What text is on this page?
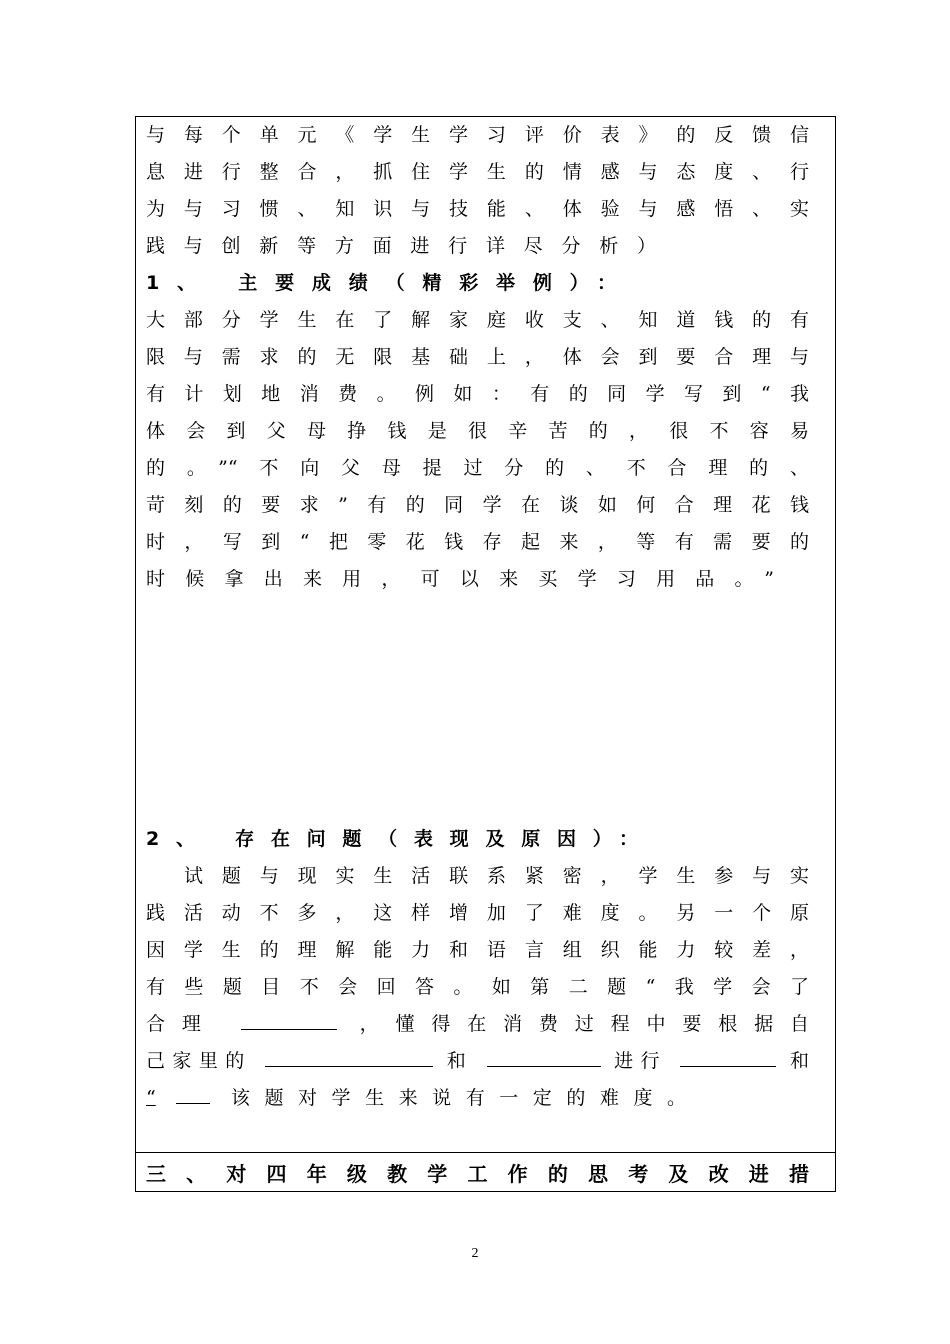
与每个单元《学生学习评价表》的反馈信
息进行整合，抓住学生的情感与态度、行
为与习惯、知识与技能、体验与感悟、实
践与创新等方面进行详尽分析）
1、 主要成绩（精彩举例）：
大部分学生在了解家庭收支、知道钱的有
限与需求的无限基础上，体会到要合理与
有计划地消费。例如：有的同学写到“我
体会到父母挣钱是很辛苦的，很不容易
的。”“不向父母提过分的、不合理的、
苛刻的要求”有的同学在谈如何合理花钱
时，写到“把零花钱存起来，等有需要的
时候拿出来用，可以来买学习用品。”
2、 存在问题（表现及原因）：
试题与现实生活联系紧密，学生参与实
践活动不多，这样增加了难度。另一个原
因学生的理解能力和语言组织能力较差，
有些题目不会回答。如第二题“我学会了
合理	，懂得在消费过程中要根据自
己家里的	和	进行	和
“	该题对学生来说有一定的难度。
三、对四年级教学工作的思考及改进措
2
